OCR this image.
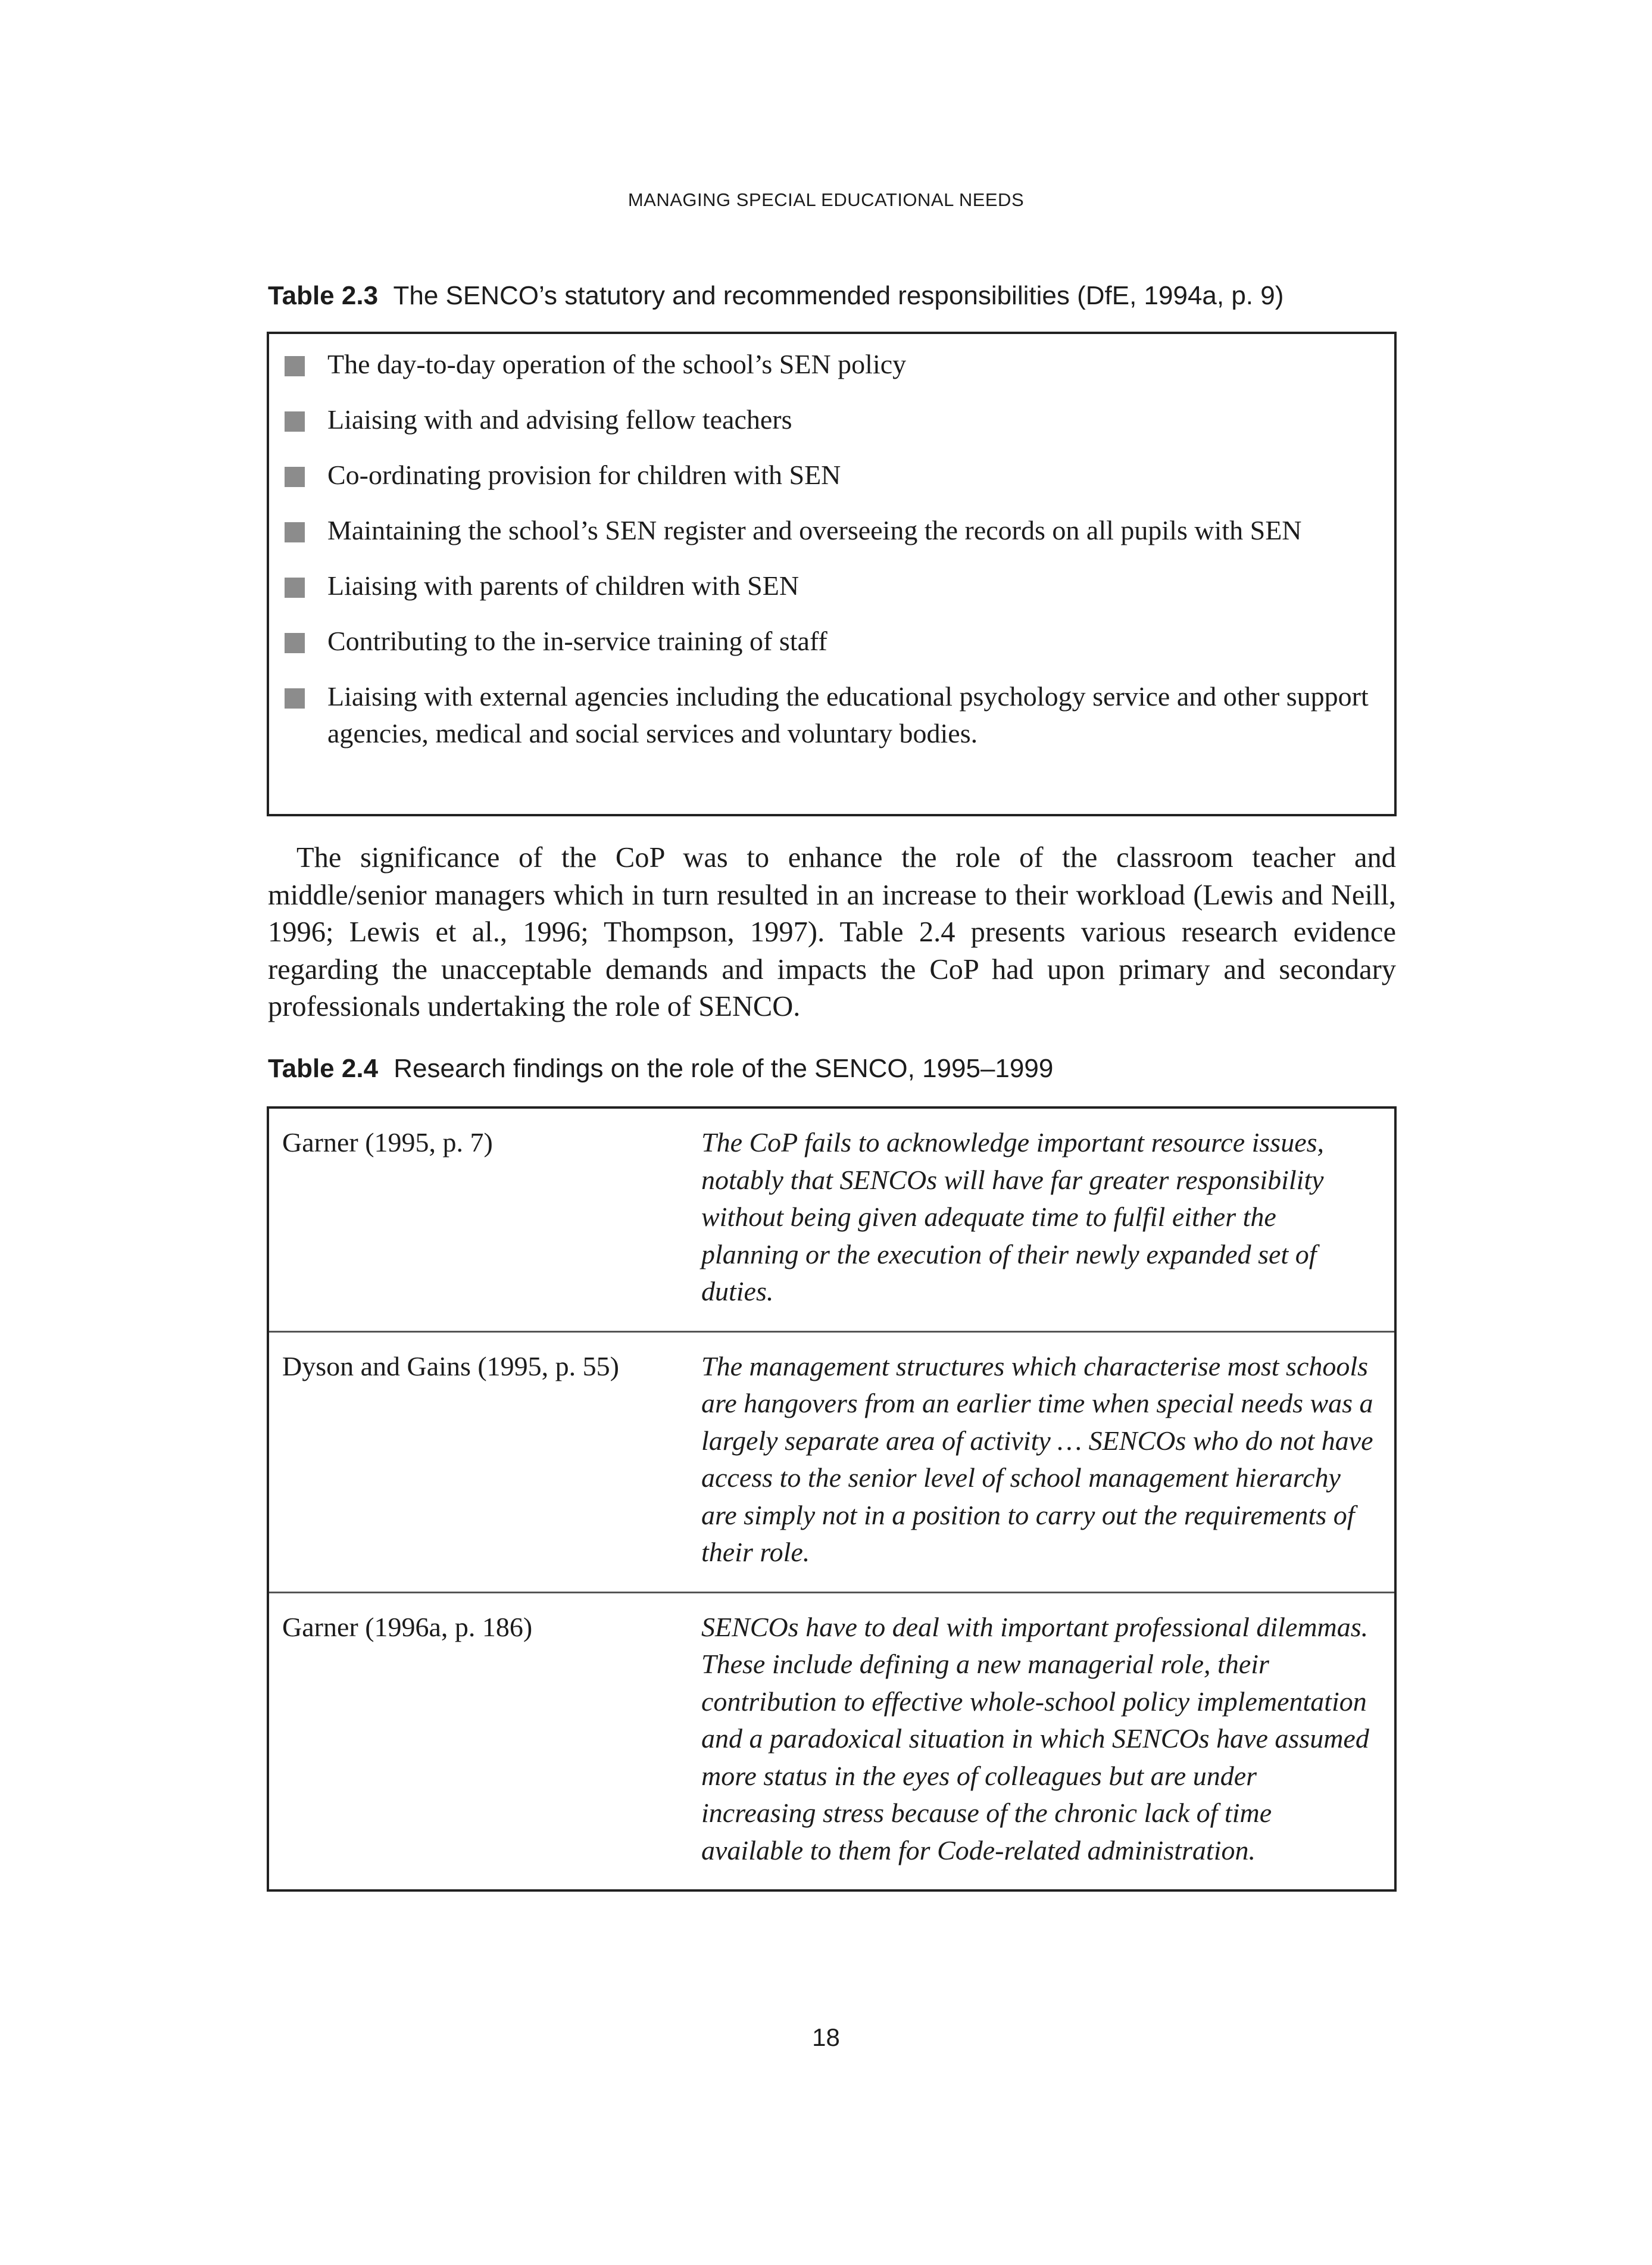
MANAGING SPECIAL EDUCATIONAL NEEDS
Table 2.3 The SENCO’s statutory and recommended responsibilities (DfE, 1994a, p. 9)
The day-to-day operation of the school’s SEN policy
Liaising with and advising fellow teachers
Co-ordinating provision for children with SEN
Maintaining the school’s SEN register and overseeing the records on all pupils with SEN
Liaising with parents of children with SEN
Contributing to the in-service training of staff
Liaising with external agencies including the educational psychology service and other support agencies, medical and social services and voluntary bodies.

The significance of the CoP was to enhance the role of the classroom teacher and middle/senior managers which in turn resulted in an increase to their workload (Lewis and Neill, 1996; Lewis et al., 1996; Thompson, 1997). Table 2.4 presents various research evidence regarding the unacceptable demands and impacts the CoP had upon primary and secondary professionals undertaking the role of SENCO.

Table 2.4 Research findings on the role of the SENCO, 1995–1999
Garner (1995, p. 7)	The CoP fails to acknowledge important resource issues, notably that SENCOs will have far greater responsibility without being given adequate time to fulfil either the planning or the execution of their newly expanded set of duties.
Dyson and Gains (1995, p. 55)	The management structures which characterise most schools are hangovers from an earlier time when special needs was a largely separate area of activity … SENCOs who do not have access to the senior level of school management hierarchy are simply not in a position to carry out the requirements of their role.
Garner (1996a, p. 186)	SENCOs have to deal with important professional dilemmas. These include defining a new managerial role, their contribution to effective whole-school policy implementation and a paradoxical situation in which SENCOs have assumed more status in the eyes of colleagues but are under increasing stress because of the chronic lack of time available to them for Code-related administration.
18
